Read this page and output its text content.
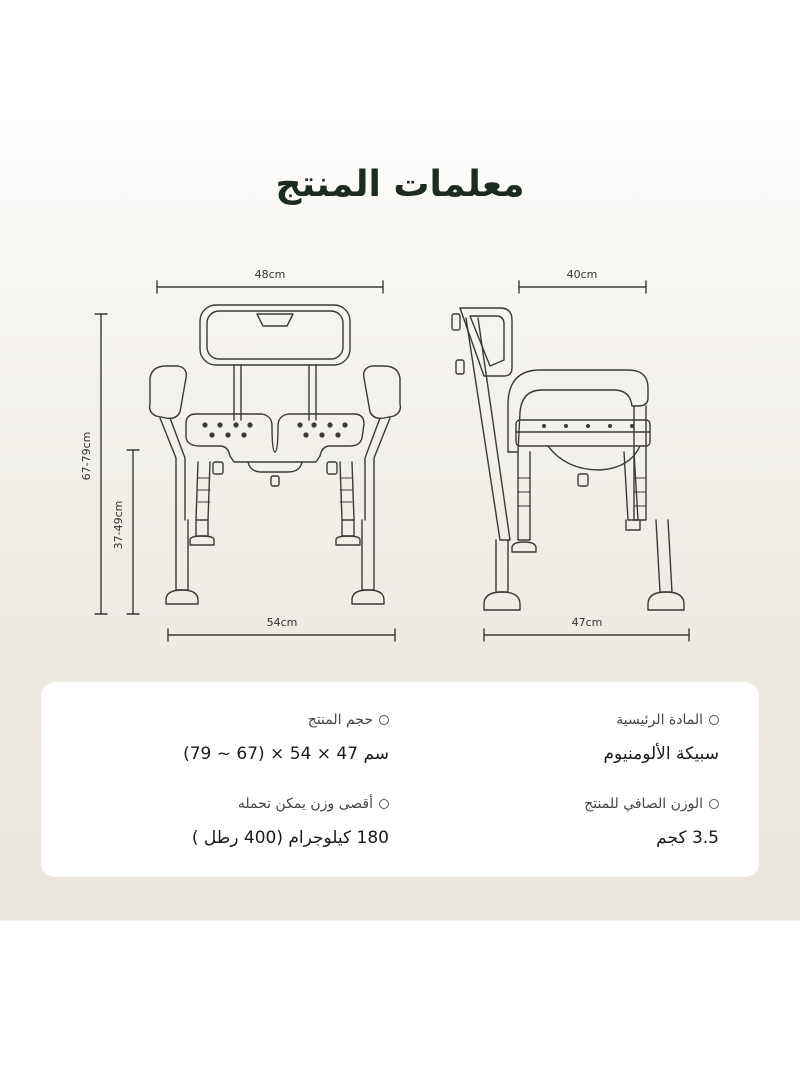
معلمات المنتج
48cm
54cm
40cm
47cm
67-79cm
37-49cm
المادة الرئيسية
سبيكة الألومنيوم
حجم المنتج
(79 ~ 67) × 54 × 47 سم
الوزن الصافي للمنتج
3.5 كجم
أقصى وزن يمكن تحمله
180 كيلوجرام (400 رطل )
